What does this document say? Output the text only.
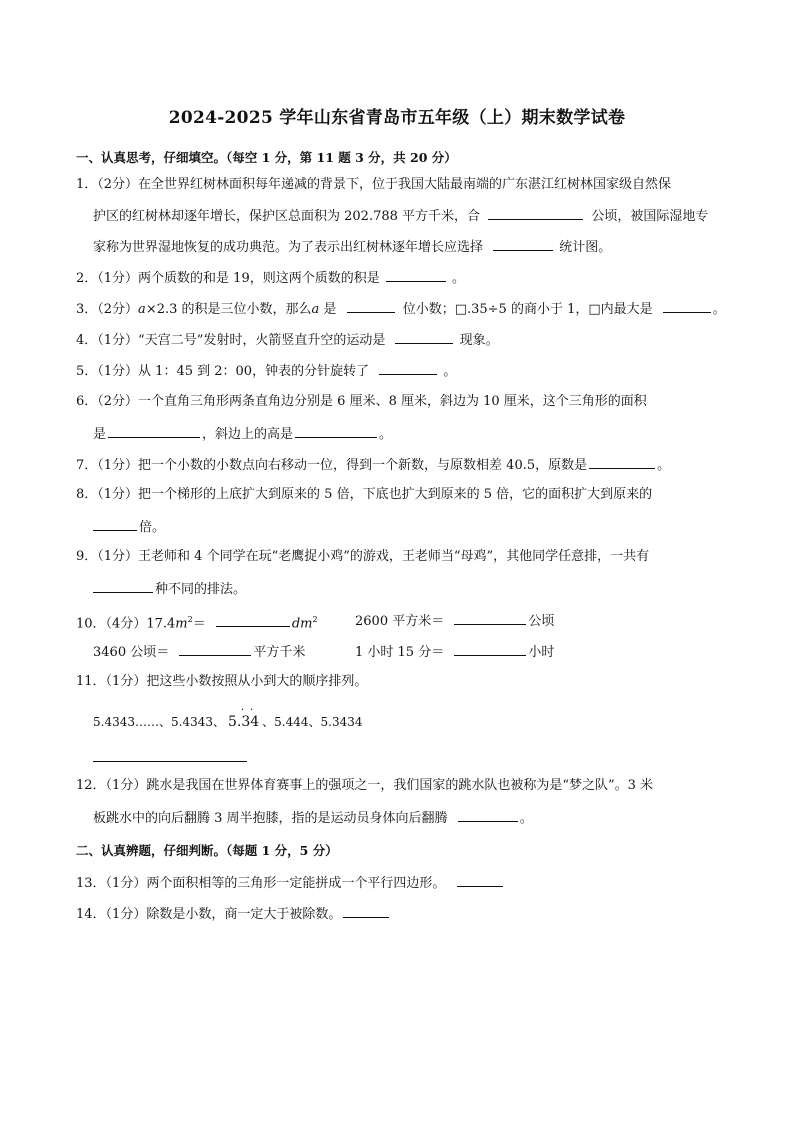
2024-2025 学年山东省青岛市五年级（上）期末数学试卷
一、认真思考，仔细填空。（每空 1 分，第 11 题 3 分，共 20 分）
1．（2分）在全世界红树林面积每年递减的背景下，位于我国大陆最南端的广东湛江红树林国家级自然保
护区的红树林却逐年增长，保护区总面积为 202.788 平方千米，合	公顷，被国际湿地专
家称为世界湿地恢复的成功典范。为了表示出红树林逐年增长应选择	统计图。
2．（1分）两个质数的和是 19，则这两个质数的积是	。
3．（2分）a×2.3 的积是三位小数，那么a 是	位小数；□.35÷5 的商小于 1，□内最大是	。
4．（1分）“天宫二号”发射时，火箭竖直升空的运动是	现象。
5．（1分）从 1：45 到 2：00，钟表的分针旋转了	。
6．（2分）一个直角三角形两条直角边分别是 6 厘米、8 厘米，斜边为 10 厘米，这个三角形的面积
是	，斜边上的高是	。
7．（1分）把一个小数的小数点向右移动一位，得到一个新数，与原数相差 40.5，原数是	。
8．（1分）把一个梯形的上底扩大到原来的 5 倍，下底也扩大到原来的 5 倍，它的面积扩大到原来的
倍。
9．（1分）王老师和 4 个同学在玩“老鹰捉小鸡”的游戏，王老师当“母鸡”，其他同学任意排，一共有
种不同的排法。
10．（4分）$17.4m^2=$	$dm^2$	2600 平方米＝	公顷
3460 公顷＝	平方千米	1 小时 15 分＝	小时
11．（1分）把这些小数按照从小到大的顺序排列。
5.4343……、5.4343、
· ·
5.34 、5.444、5.3434
12．（1分）跳水是我国在世界体育赛事上的强项之一，我们国家的跳水队也被称为是“梦之队”。3 米
板跳水中的向后翻腾 3 周半抱膝，指的是运动员身体向后翻腾	。
二、认真辨题，仔细判断。（每题 1 分，5 分）
13．（1分）两个面积相等的三角形一定能拼成一个平行四边形。
14．（1分）除数是小数，商一定大于被除数。
